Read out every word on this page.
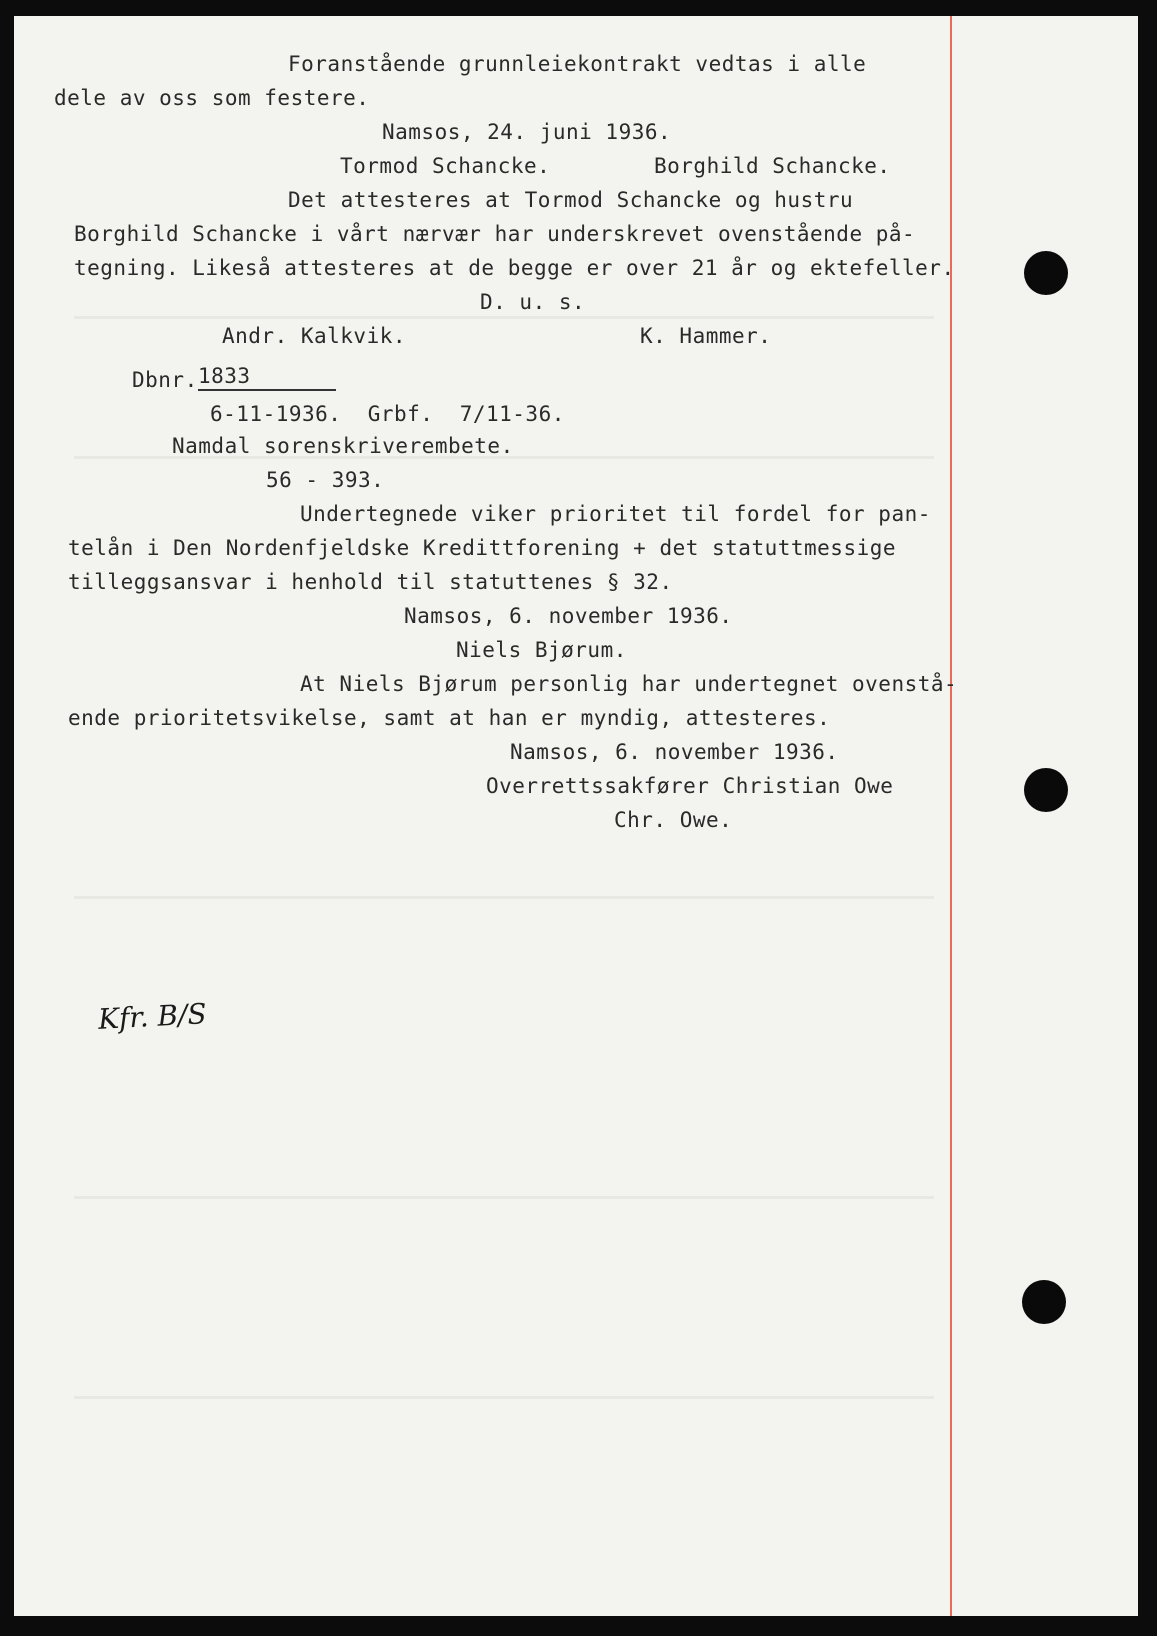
Foranstående grunnleiekontrakt vedtas i alle
dele av oss som festere.
Namsos, 24. juni 1936.
Tormod Schancke.	Borghild Schancke.
Det attesteres at Tormod Schancke og hustru
Borghild Schancke i vårt nærvær har underskrevet ovenstående på-
tegning. Likeså attesteres at de begge er over 21 år og ektefeller.
D. u. s.
Andr. Kalkvik.	K. Hammer.
Dbnr. 1833
6-11-1936.  Grbf.  7/11-36.
Namdal sorenskriverembete.
56 - 393.
Undertegnede viker prioritet til fordel for pan-
telån i Den Nordenfjeldske Kredittforening + det statuttmessige
tilleggsansvar i henhold til statuttenes § 32.
Namsos, 6. november 1936.
Niels Bjørum.
At Niels Bjørum personlig har undertegnet ovenstå-
ende prioritetsvikelse, samt at han er myndig, attesteres.
Namsos, 6. november 1936.
Overrettssakfører Christian Owe
Chr. Owe.
Kfr. B/S
